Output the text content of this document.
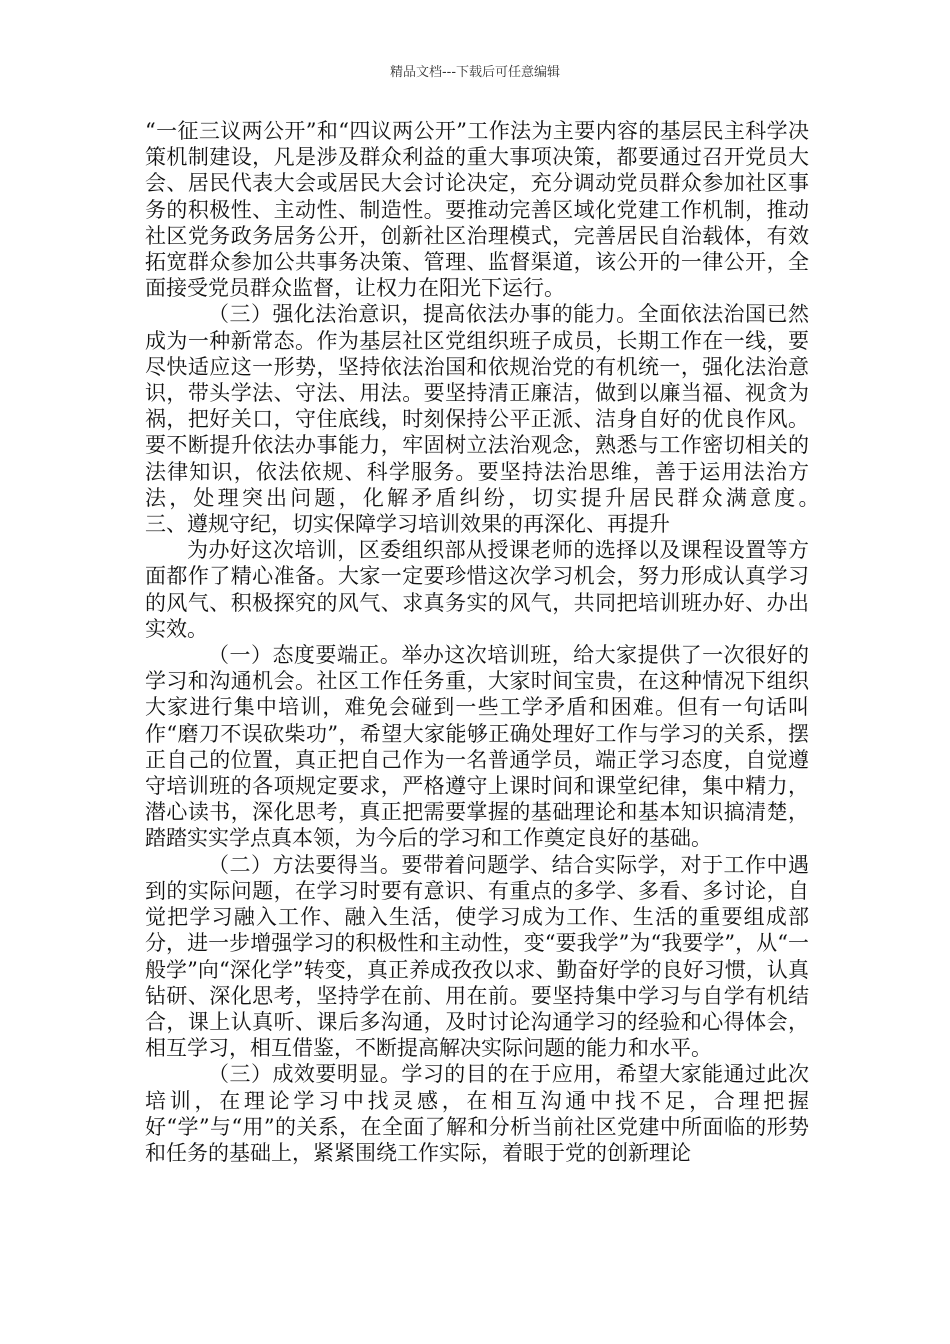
精品文档---下载后可任意编辑

“一征三议两公开”和“四议两公开”工作法为主要内容的基层民主科学决策机制建设，凡是涉及群众利益的重大事项决策，都要通过召开党员大会、居民代表大会或居民大会讨论决定，充分调动党员群众参加社区事务的积极性、主动性、制造性。要推动完善区域化党建工作机制，推动社区党务政务居务公开，创新社区治理模式，完善居民自治载体，有效拓宽群众参加公共事务决策、管理、监督渠道，该公开的一律公开，全面接受党员群众监督，让权力在阳光下运行。

（三）强化法治意识，提高依法办事的能力。全面依法治国已然成为一种新常态。作为基层社区党组织班子成员，长期工作在一线，要尽快适应这一形势，坚持依法治国和依规治党的有机统一，强化法治意识，带头学法、守法、用法。要坚持清正廉洁，做到以廉当福、视贪为祸，把好关口，守住底线，时刻保持公平正派、洁身自好的优良作风。要不断提升依法办事能力，牢固树立法治观念，熟悉与工作密切相关的法律知识，依法依规、科学服务。要坚持法治思维，善于运用法治方法，处理突出问题，化解矛盾纠纷，切实提升居民群众满意度。　　　三、遵规守纪，切实保障学习培训效果的再深化、再提升

为办好这次培训，区委组织部从授课老师的选择以及课程设置等方面都作了精心准备。大家一定要珍惜这次学习机会，努力形成认真学习的风气、积极探究的风气、求真务实的风气，共同把培训班办好、办出实效。

（一）态度要端正。举办这次培训班，给大家提供了一次很好的学习和沟通机会。社区工作任务重，大家时间宝贵，在这种情况下组织大家进行集中培训，难免会碰到一些工学矛盾和困难。但有一句话叫作“磨刀不误砍柴功”，希望大家能够正确处理好工作与学习的关系，摆正自己的位置，真正把自己作为一名普通学员，端正学习态度，自觉遵守培训班的各项规定要求，严格遵守上课时间和课堂纪律，集中精力，潜心读书，深化思考，真正把需要掌握的基础理论和基本知识搞清楚，踏踏实实学点真本领，为今后的学习和工作奠定良好的基础。

（二）方法要得当。要带着问题学、结合实际学，对于工作中遇到的实际问题，在学习时要有意识、有重点的多学、多看、多讨论，自觉把学习融入工作、融入生活，使学习成为工作、生活的重要组成部分，进一步增强学习的积极性和主动性，变“要我学”为“我要学”，从“一般学”向“深化学”转变，真正养成孜孜以求、勤奋好学的良好习惯，认真钻研、深化思考，坚持学在前、用在前。要坚持集中学习与自学有机结合，课上认真听、课后多沟通，及时讨论沟通学习的经验和心得体会，相互学习，相互借鉴，不断提高解决实际问题的能力和水平。

（三）成效要明显。学习的目的在于应用，希望大家能通过此次培训，在理论学习中找灵感，在相互沟通中找不足，合理把握好“学”与“用”的关系，在全面了解和分析当前社区党建中所面临的形势和任务的基础上，紧紧围绕工作实际，着眼于党的创新理论
